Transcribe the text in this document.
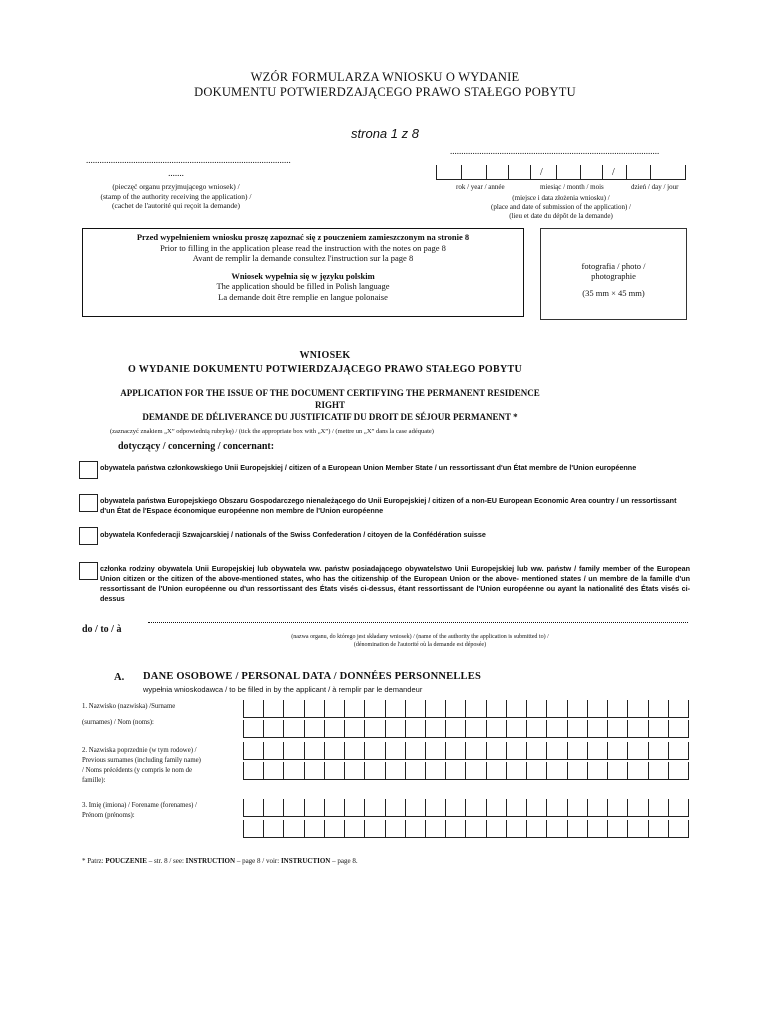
WZÓR FORMULARZA WNIOSKU O WYDANIE
DOKUMENTU POTWIERDZAJĄCEGO PRAWO STAŁEGO POBYTU
strona 1 z 8
...........................................................................................
.......
(pieczęć organu przyjmującego wniosek) /
(stamp of the authority receiving the application) /
(cachet de l'autorité qui reçoit la demande)
.............................................................................................
/	/
rok / year / année	miesiąc / month / mois	dzień / day / jour
(miejsce i data złożenia wniosku) /
(place and date of submission of the application) /
(lieu et date du dépôt de la demande)
Przed wypełnieniem wniosku proszę zapoznać się z pouczeniem zamieszczonym na stronie 8
Prior to filling in the application please read the instruction with the notes on page 8
Avant de remplir la demande consultez l'instruction sur la page 8
Wniosek wypełnia się w języku polskim
The application should be filled in Polish language
La demande doit être remplie en langue polonaise
fotografia / photo /
photographie
(35 mm × 45 mm)
WNIOSEK
O WYDANIE DOKUMENTU POTWIERDZAJĄCEGO PRAWO STAŁEGO POBYTU
APPLICATION FOR THE ISSUE OF THE DOCUMENT CERTIFYING THE PERMANENT RESIDENCE
RIGHT
DEMANDE DE DÉLIVERANCE DU JUSTIFICATIF DU DROIT DE SÉJOUR PERMANENT *
(zaznaczyć znakiem „X” odpowiednią rubrykę) / (tick the appropriate box with „X”) / (mettre un „X” dans la case adéquate)
dotyczący / concerning / concernant:
obywatela państwa członkowskiego Unii Europejskiej / citizen of a European Union Member State / un ressortissant d'un État membre de l'Union européenne
obywatela państwa Europejskiego Obszaru Gospodarczego nienależącego do Unii Europejskiej / citizen of a non-EU European Economic Area country / un ressortissant d'un État de l'Espace économique européenne non membre de l'Union européenne
obywatela Konfederacji Szwajcarskiej / nationals of the Swiss Confederation / citoyen de la Confédération suisse
członka rodziny obywatela Unii Europejskiej lub obywatela ww. państw posiadającego obywatelstwo Unii Europejskiej lub ww. państw / family member of the European Union citizen or the citizen of the above-mentioned states, who has the citizenship of the European Union or the above- mentioned states / un membre de la famille d'un ressortissant de l'Union européenne ou d'un ressortissant des États visés ci-dessus, étant ressortissant de l'Union européenne ou ayant la nationalité des États visés ci-dessus
do / to / à
(nazwa organu, do którego jest składany wniosek) / (name of the authority the application is submitted to) /
(dénomination de l'autorité où la demande est déposée)
A. DANE OSOBOWE / PERSONAL DATA / DONNÉES PERSONNELLES
wypełnia wnioskodawca / to be filled in by the applicant / à remplir par le demandeur
1. Nazwisko (nazwiska) /Surname
(surnames) / Nom (noms):
2. Nazwiska poprzednie (w tym rodowe) /
Previous surnames (including family name)
/ Noms précédents (y compris le nom de
famille):
3. Imię (imiona) / Forename (forenames) /
Prénom (prénoms):
* Patrz: POUCZENIE – str. 8 / see: INSTRUCTION – page 8 / voir: INSTRUCTION – page 8.
